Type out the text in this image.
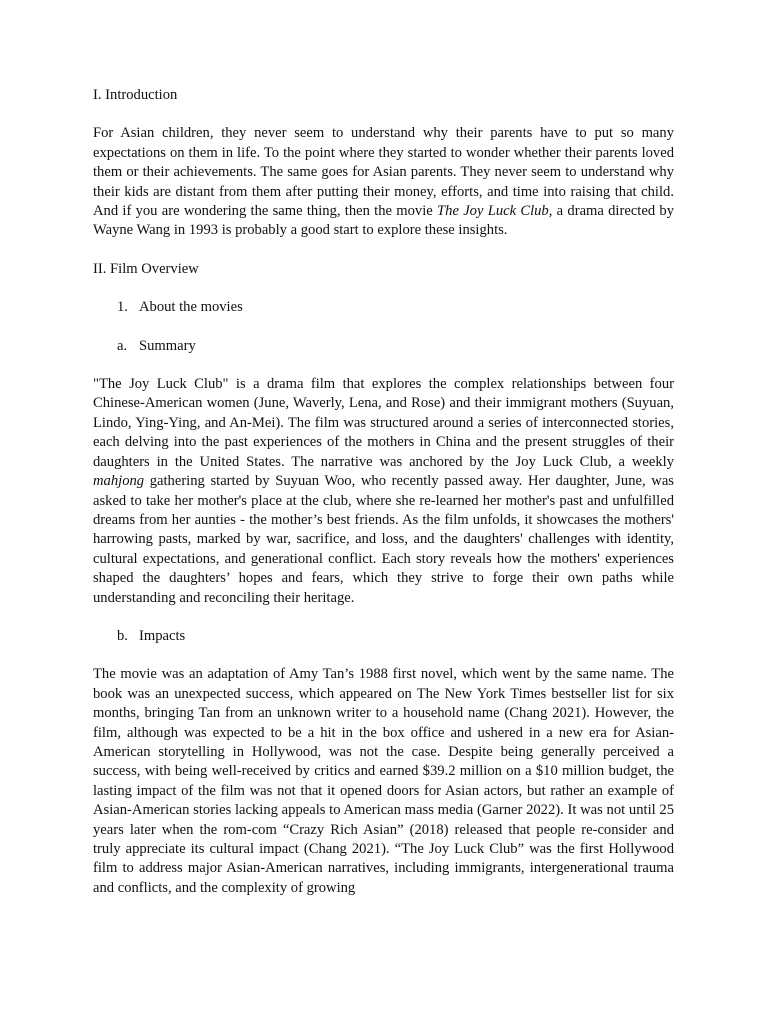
I. Introduction
For Asian children, they never seem to understand why their parents have to put so many expectations on them in life. To the point where they started to wonder whether their parents loved them or their achievements. The same goes for Asian parents. They never seem to understand why their kids are distant from them after putting their money, efforts, and time into raising that child. And if you are wondering the same thing, then the movie The Joy Luck Club, a drama directed by Wayne Wang in 1993 is probably a good start to explore these insights.
II. Film Overview
1. About the movies
a. Summary
"The Joy Luck Club" is a drama film that explores the complex relationships between four Chinese-American women (June, Waverly, Lena, and Rose) and their immigrant mothers (Suyuan, Lindo, Ying-Ying, and An-Mei). The film was structured around a series of interconnected stories, each delving into the past experiences of the mothers in China and the present struggles of their daughters in the United States. The narrative was anchored by the Joy Luck Club, a weekly mahjong gathering started by Suyuan Woo, who recently passed away. Her daughter, June, was asked to take her mother's place at the club, where she re-learned her mother's past and unfulfilled dreams from her aunties - the mother’s best friends. As the film unfolds, it showcases the mothers' harrowing pasts, marked by war, sacrifice, and loss, and the daughters' challenges with identity, cultural expectations, and generational conflict. Each story reveals how the mothers' experiences shaped the daughters’ hopes and fears, which they strive to forge their own paths while understanding and reconciling their heritage.
b. Impacts
The movie was an adaptation of Amy Tan’s 1988 first novel, which went by the same name. The book was an unexpected success, which appeared on The New York Times bestseller list for six months, bringing Tan from an unknown writer to a household name (Chang 2021). However, the film, although was expected to be a hit in the box office and ushered in a new era for Asian-American storytelling in Hollywood, was not the case. Despite being generally perceived a success, with being well-received by critics and earned $39.2 million on a $10 million budget, the lasting impact of the film was not that it opened doors for Asian actors, but rather an example of Asian-American stories lacking appeals to American mass media (Garner 2022). It was not until 25 years later when the rom-com “Crazy Rich Asian” (2018) released that people re-consider and truly appreciate its cultural impact (Chang 2021). “The Joy Luck Club” was the first Hollywood film to address major Asian-American narratives, including immigrants, intergenerational trauma and conflicts, and the complexity of growing
